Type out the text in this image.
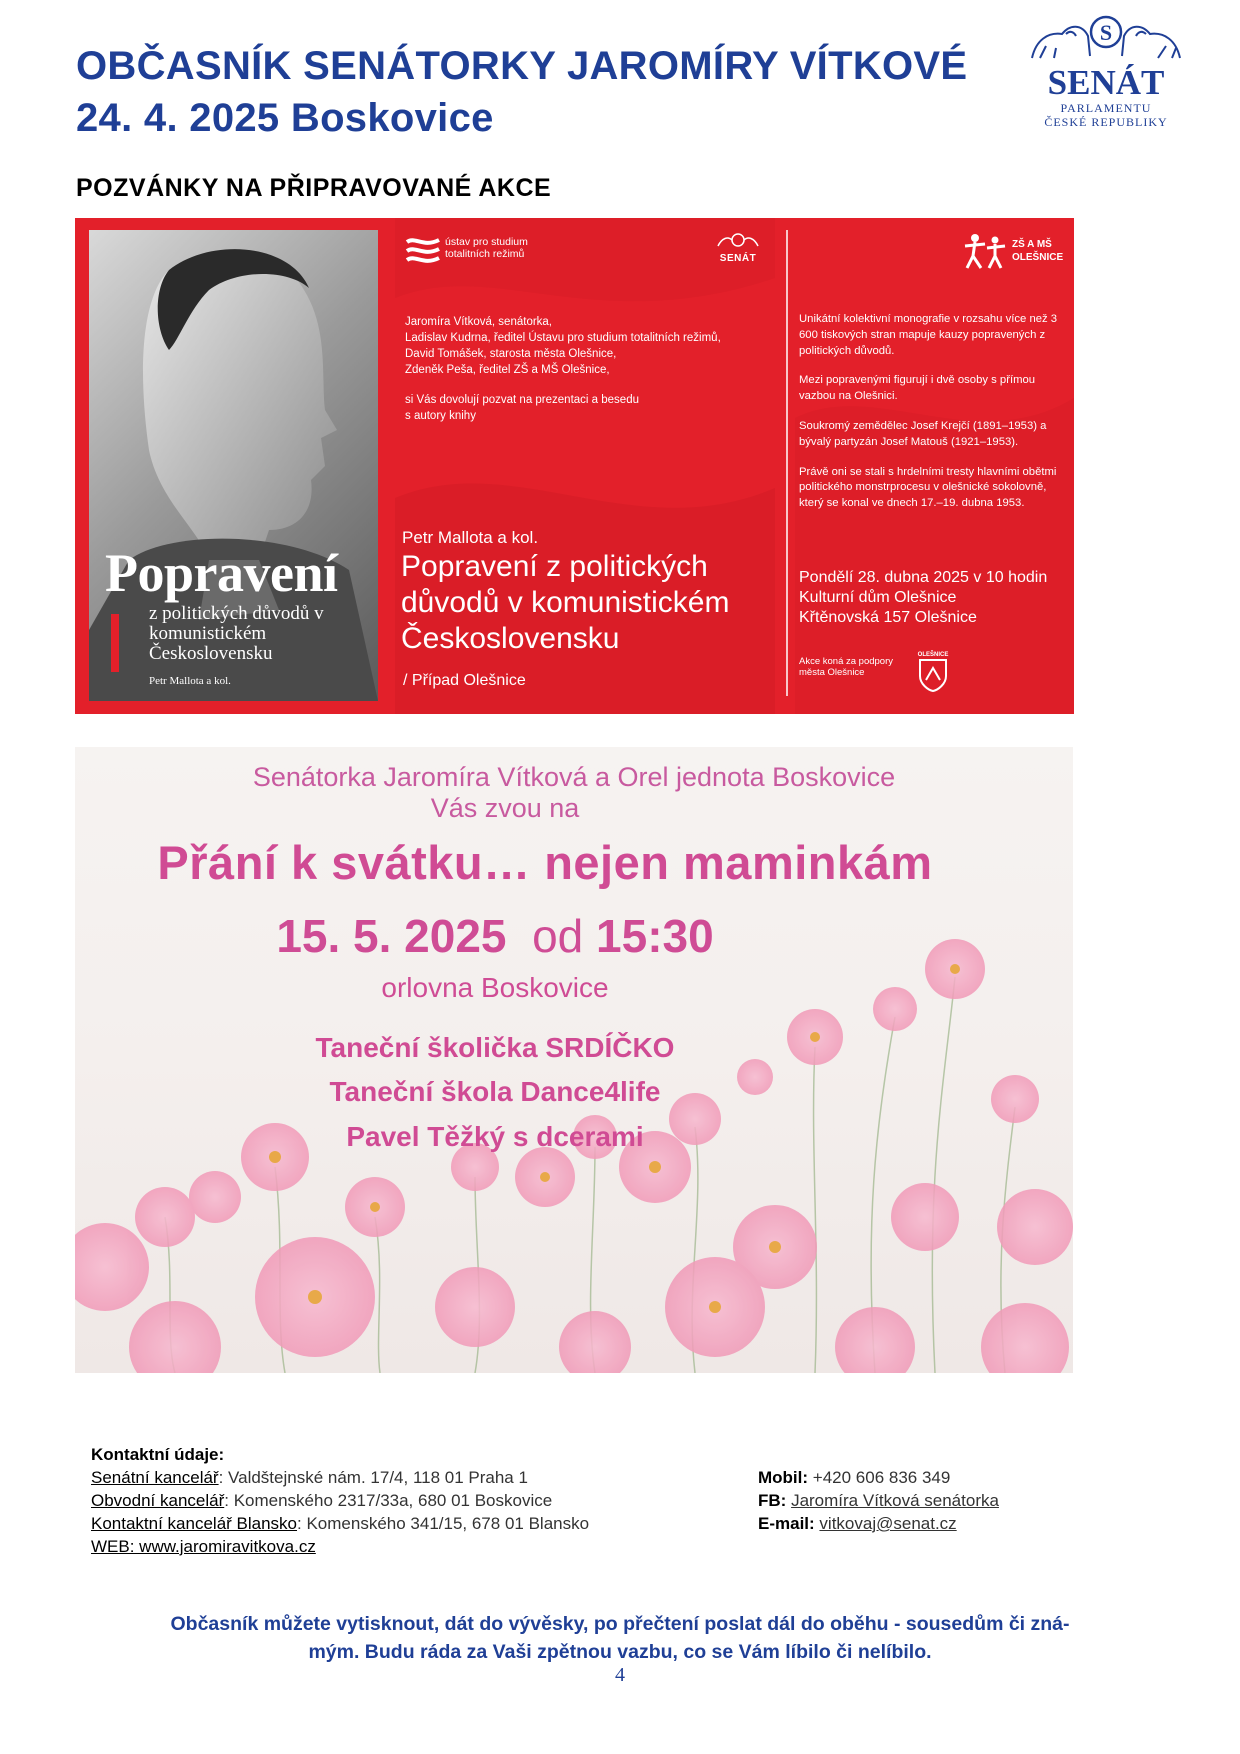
OBČASNÍK SENÁTORKY JAROMÍRY VÍTKOVÉ
24. 4. 2025 Boskovice
POZVÁNKY NA PŘIPRAVOVANÉ AKCE
S
SENÁT
PARLAMENTU
ČESKÉ REPUBLIKY
Popravení
z politických důvodů v komunistickém Československu
Petr Mallota a kol.
ústav pro studium
totalitních režimů	SENÁT
Jaromíra Vítková, senátorka,
Ladislav Kudrna, ředitel Ústavu pro studium totalitních režimů,
David Tomášek, starosta města Olešnice,
Zdeněk Peša, ředitel ZŠ a MŠ Olešnice,
si Vás dovolují pozvat na prezentaci a besedu
s autory knihy
Petr Mallota a kol.
Popravení z politických důvodů v komunistickém Československu
/ Případ Olešnice
ZŠ A MŠ
OLEŠNICE

Unikátní kolektivní monografie v rozsahu více než 3 600 tiskových stran mapuje kauzy popravených z politických důvodů.

Mezi popravenými figurují i dvě osoby s přímou vazbou na Olešnici.

Soukromý zemědělec Josef Krejčí (1891–1953) a bývalý partyzán Josef Matouš (1921–1953).

Právě oni se stali s hrdelními tresty hlavními obětmi politického monstrprocesu v olešnické sokolovně, který se konal ve dnech 17.–19. dubna 1953.

Pondělí 28. dubna 2025 v 10 hodin
Kulturní dům Olešnice
Křtěnovská 157 Olešnice
Akce koná za podpory
města Olešnice
OLEŠNICE
Senátorka Jaromíra Vítková a Orel jednota Boskovice
Vás zvou na
Přání k svátku… nejen maminkám
15. 5. 2025 od 15:30
orlovna Boskovice
Taneční školička SRDÍČKO
Taneční škola Dance4life
Pavel Těžký s dcerami
Kontaktní údaje:
Senátní kancelář: Valdštejnské nám. 17/4, 118 01 Praha 1
Obvodní kancelář: Komenského 2317/33a, 680 01 Boskovice
Kontaktní kancelář Blansko: Komenského 341/15, 678 01 Blansko
WEB: www.jaromiravitkova.cz
Mobil: +420 606 836 349
FB: Jaromíra Vítková senátorka
E-mail: vitkovaj@senat.cz
Občasník můžete vytisknout, dát do vývěsky, po přečtení poslat dál do oběhu - sousedům či zná-
mým. Budu ráda za Vaši zpětnou vazbu, co se Vám líbilo či nelíbilo.
4
